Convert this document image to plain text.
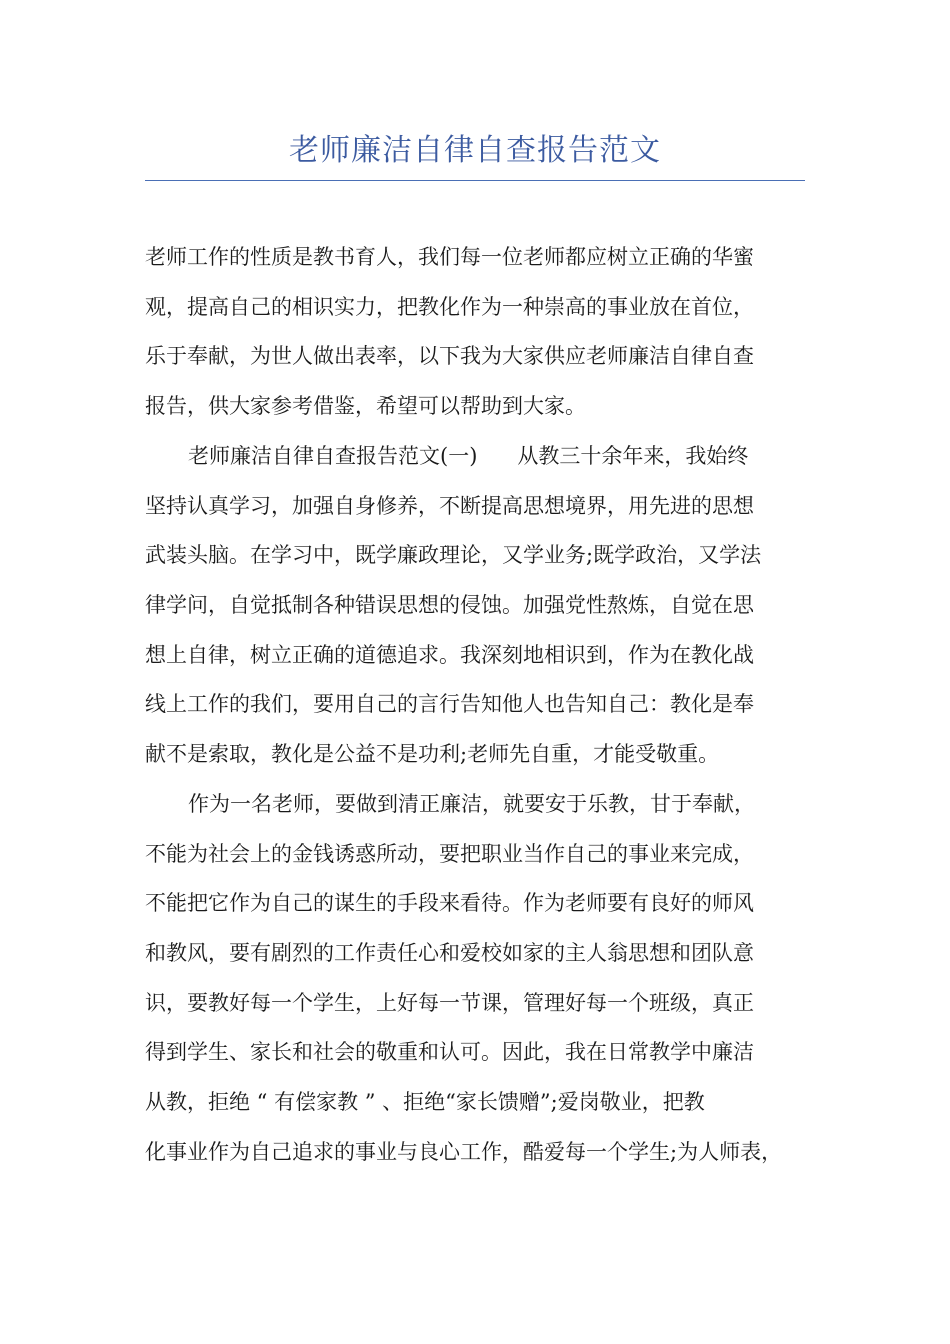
老师廉洁自律自查报告范文
老师工作的性质是教书育人，我们每一位老师都应树立正确的华蜜
观，提高自己的相识实力，把教化作为一种崇高的事业放在首位，
乐于奉献，为世人做出表率，以下我为大家供应老师廉洁自律自查
报告，供大家参考借鉴，希望可以帮助到大家。
老师廉洁自律自查报告范文(一)      从教三十余年来，我始终
坚持认真学习，加强自身修养，不断提高思想境界，用先进的思想
武装头脑。在学习中，既学廉政理论，又学业务;既学政治，又学法
律学问，自觉抵制各种错误思想的侵蚀。加强党性熬炼，自觉在思
想上自律，树立正确的道德追求。我深刻地相识到，作为在教化战
线上工作的我们，要用自己的言行告知他人也告知自己：教化是奉
献不是索取，教化是公益不是功利;老师先自重，才能受敬重。
作为一名老师，要做到清正廉洁，就要安于乐教，甘于奉献，
不能为社会上的金钱诱惑所动，要把职业当作自己的事业来完成，
不能把它作为自己的谋生的手段来看待。作为老师要有良好的师风
和教风，要有剧烈的工作责任心和爱校如家的主人翁思想和团队意
识，要教好每一个学生，上好每一节课，管理好每一个班级，真正
得到学生、家长和社会的敬重和认可。因此，我在日常教学中廉洁
从教，拒绝 “ 有偿家教 ” 、拒绝“家长馈赠”;爱岗敬业，把教
化事业作为自己追求的事业与良心工作，酷爱每一个学生;为人师表，
